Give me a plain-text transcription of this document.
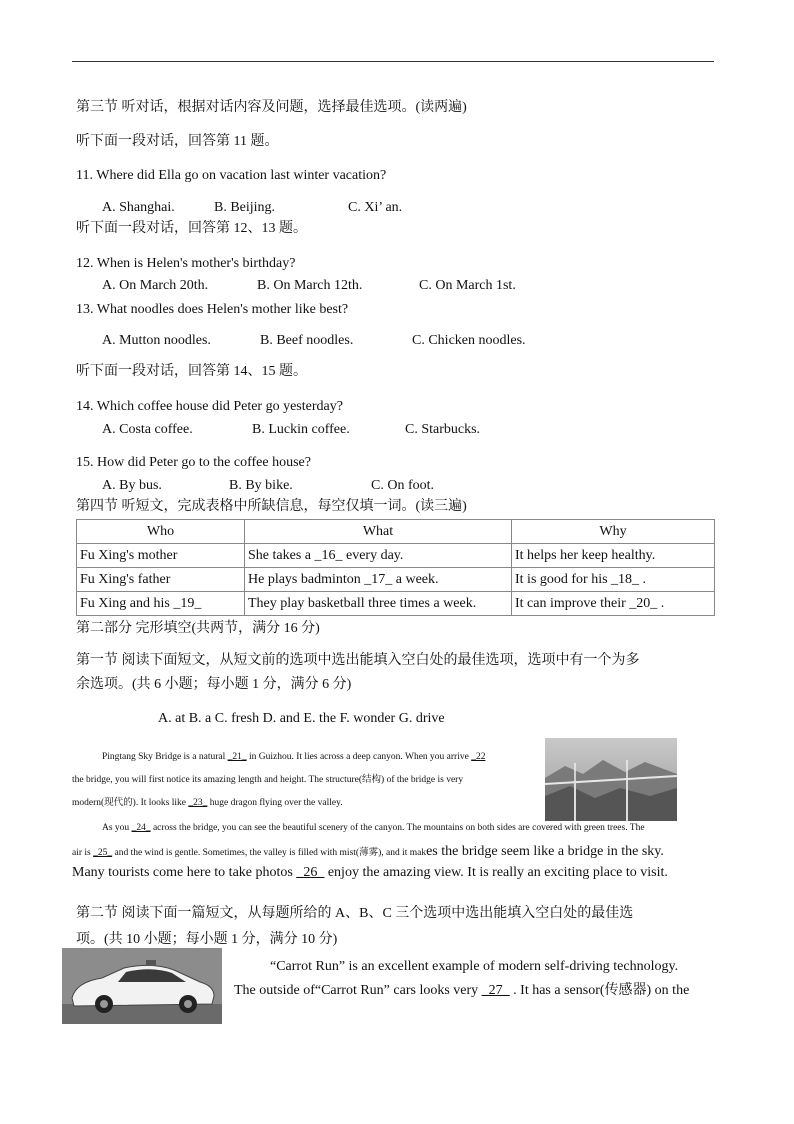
第三节 听对话，根据对话内容及问题，选择最佳选项。(读两遍)
听下面一段对话，回答第 11 题。
11. Where did Ella go on vacation last winter vacation?
A. Shanghai.	B. Beijing.	C. Xi’ an.
听下面一段对话，回答第 12、13 题。
12. When is Helen's mother's birthday?
A. On March 20th.	B. On March 12th.	C. On March 1st.
13. What noodles does Helen's mother like best?
A. Mutton noodles.	B. Beef noodles.	C. Chicken noodles.
听下面一段对话，回答第 14、15 题。
14. Which coffee house did Peter go yesterday?
A. Costa coffee.	B. Luckin coffee.	C. Starbucks.
15. How did Peter go to the coffee house?
A. By bus.	B. By bike.	C. On foot.
第四节 听短文，完成表格中所缺信息，每空仅填一词。(读三遍)
Who	What	Why
Fu Xing's mother	She takes a _16_ every day.	It helps her keep healthy.
Fu Xing's father	He plays badminton _17_ a week.	It is good for his _18_ .
Fu Xing and his _19_	They play basketball three times a week.	It can improve their _20_ .
第二部分 完形填空(共两节，满分 16 分)
第一节 阅读下面短文，从短文前的选项中选出能填入空白处的最佳选项，选项中有一个为多
余选项。(共 6 小题；每小题 1 分，满分 6 分)
A. at B. a C. fresh D. and E. the F. wonder G. drive
Pingtang Sky Bridge is a natural _21_ in Guizhou. It lies across a deep canyon. When you arrive _22
the bridge, you will first notice its amazing length and height. The structure(结构) of the bridge is very
modern(现代的). It looks like _23_ huge dragon flying over the valley.
As you _24_ across the bridge, you can see the beautiful scenery of the canyon. The mountains on both sides are covered with green trees. The
air is _25_ and the wind is gentle. Sometimes, the valley is filled with mist(薄雾), and it makes the bridge seem like a bridge in the sky.
Many tourists come here to take photos _26_ enjoy the amazing view. It is really an exciting place to visit.
第二节 阅读下面一篇短文，从每题所给的 A、B、C 三个选项中选出能填入空白处的最佳选
项。(共 10 小题；每小题 1 分，满分 10 分)
“Carrot Run” is an excellent example of modern self-driving technology.
The outside of“Carrot Run” cars looks very _27_ . It has a sensor(传感器) on the
